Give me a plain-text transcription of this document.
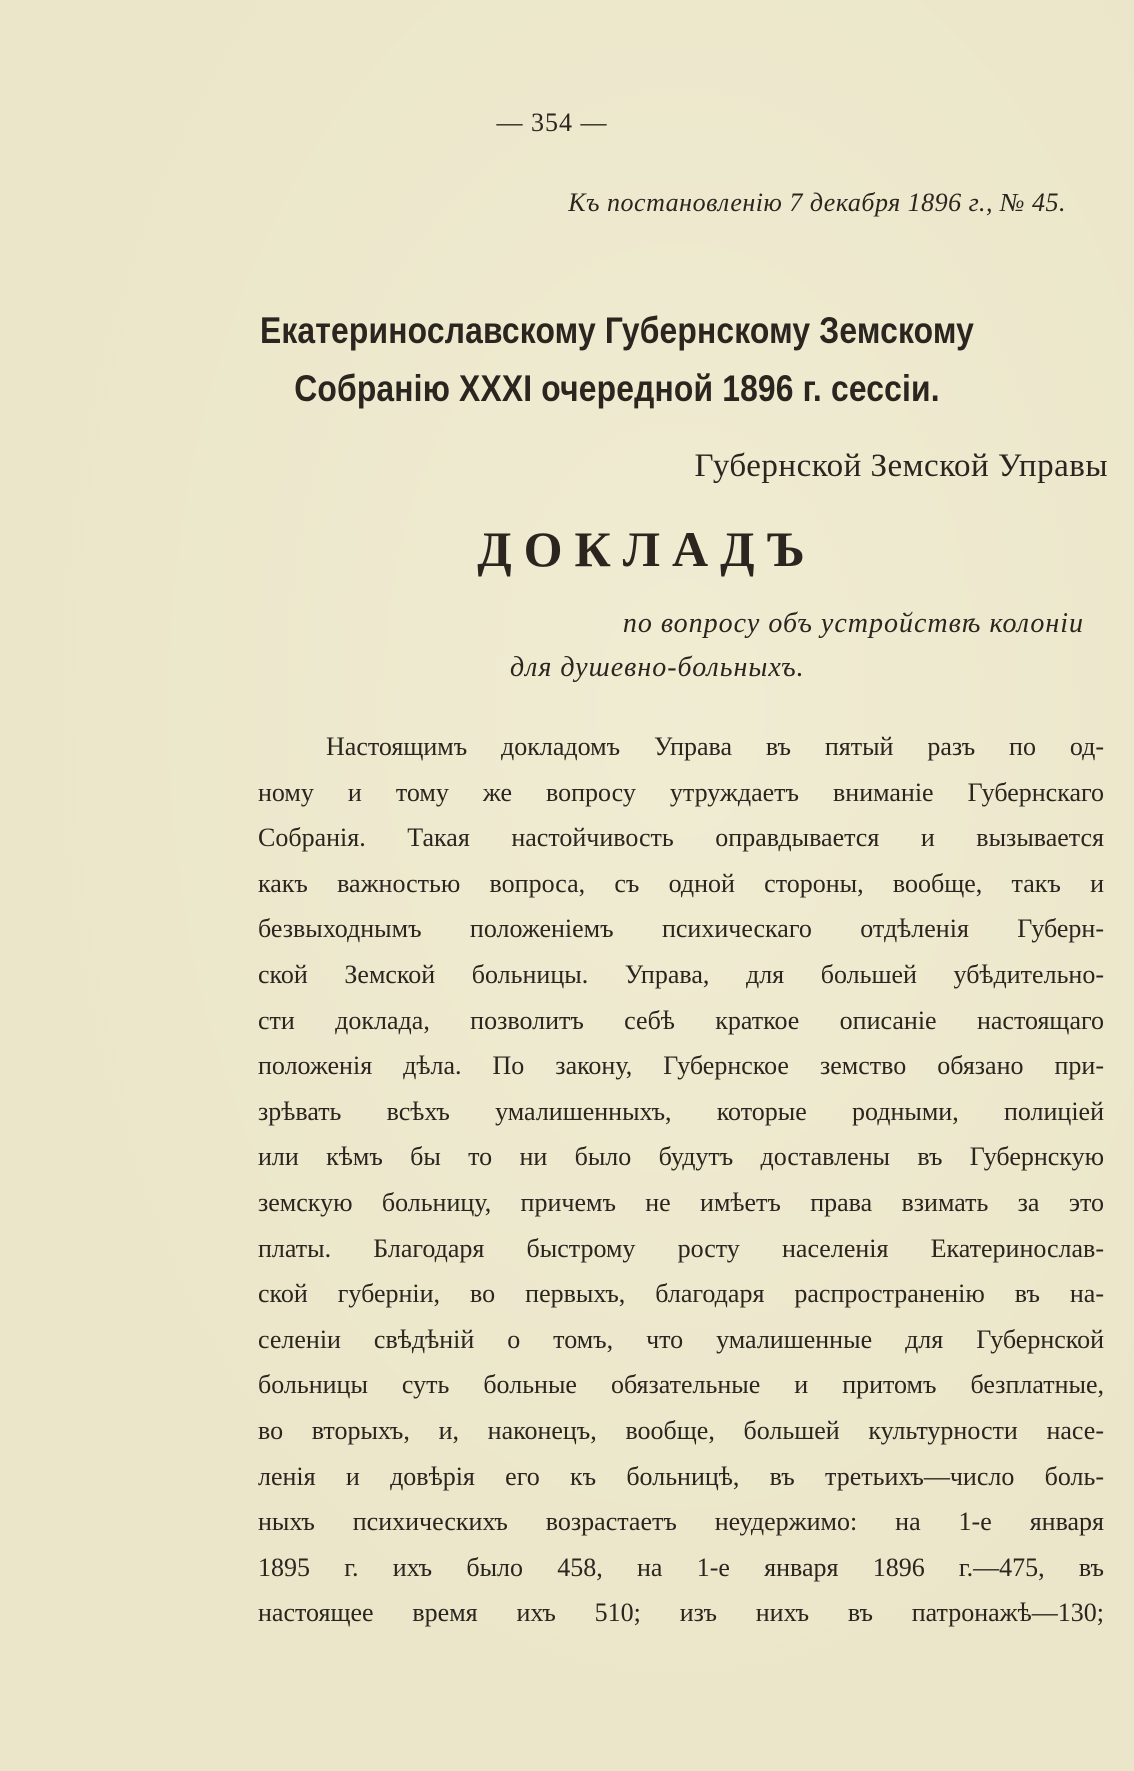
— 354 —
Къ постановленію 7 декабря 1896 г., № 45.
Екатеринославскому Губернскому Земскому
Собранію XXXI очередной 1896 г. сессіи.
Губернской Земской Управы
ДОКЛАДЪ
по вопросу объ устройствѣ колоніи
для душевно-больныхъ.
Настоящимъ докладомъ Управа въ пятый разъ по од-
ному и тому же вопросу утруждаетъ вниманіе Губернскаго
Собранія. Такая настойчивость оправдывается и вызывается
какъ важностью вопроса, съ одной стороны, вообще, такъ и
безвыходнымъ положеніемъ психическаго отдѣленія Губерн-
ской Земской больницы. Управа, для большей убѣдительно-
сти доклада, позволитъ себѣ краткое описаніе настоящаго
положенія дѣла. По закону, Губернское земство обязано при-
зрѣвать всѣхъ умалишенныхъ, которые родными, полиціей
или кѣмъ бы то ни было будутъ доставлены въ Губернскую
земскую больницу, причемъ не имѣетъ права взимать за это
платы. Благодаря быстрому росту населенія Екатеринослав-
ской губерніи, во первыхъ, благодаря распространенію въ на-
селеніи свѣдѣній о томъ, что умалишенные для Губернской
больницы суть больные обязательные и притомъ безплатные,
во вторыхъ, и, наконецъ, вообще, большей культурности насе-
ленія и довѣрія его къ больницѣ, въ третьихъ—число боль-
ныхъ психическихъ возрастаетъ неудержимо: на 1-е января
1895 г. ихъ было 458, на 1-е января 1896 г.—475, въ
настоящее время ихъ 510; изъ нихъ въ патронажѣ—130;
